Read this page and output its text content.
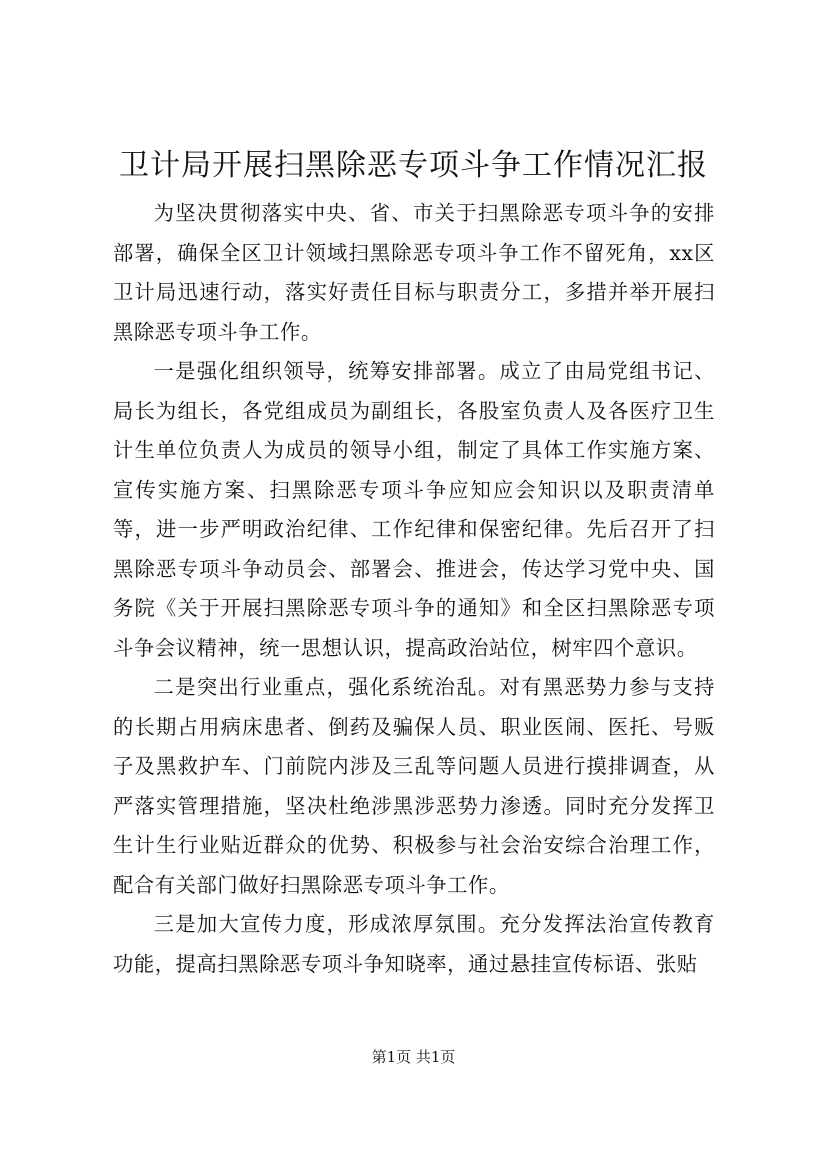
卫计局开展扫黑除恶专项斗争工作情况汇报

为坚决贯彻落实中央、省、市关于扫黑除恶专项斗争的安排部署，确保全区卫计领域扫黑除恶专项斗争工作不留死角，xx区卫计局迅速行动，落实好责任目标与职责分工，多措并举开展扫黑除恶专项斗争工作。

一是强化组织领导，统筹安排部署。成立了由局党组书记、局长为组长，各党组成员为副组长，各股室负责人及各医疗卫生计生单位负责人为成员的领导小组，制定了具体工作实施方案、宣传实施方案、扫黑除恶专项斗争应知应会知识以及职责清单等，进一步严明政治纪律、工作纪律和保密纪律。先后召开了扫黑除恶专项斗争动员会、部署会、推进会，传达学习党中央、国务院《关于开展扫黑除恶专项斗争的通知》和全区扫黑除恶专项斗争会议精神，统一思想认识，提高政治站位，树牢四个意识。

二是突出行业重点，强化系统治乱。对有黑恶势力参与支持的长期占用病床患者、倒药及骗保人员、职业医闹、医托、号贩子及黑救护车、门前院内涉及三乱等问题人员进行摸排调查，从严落实管理措施，坚决杜绝涉黑涉恶势力渗透。同时充分发挥卫生计生行业贴近群众的优势、积极参与社会治安综合治理工作，配合有关部门做好扫黑除恶专项斗争工作。

三是加大宣传力度，形成浓厚氛围。充分发挥法治宣传教育功能，提高扫黑除恶专项斗争知晓率，通过悬挂宣传标语、张贴

第1页 共1页
